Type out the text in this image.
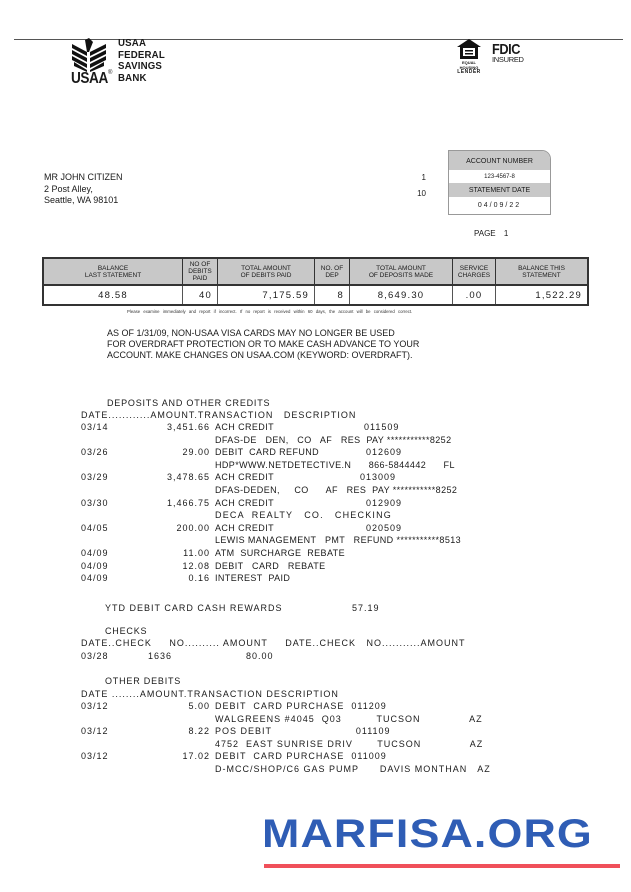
USAA ®
USAA
FEDERAL
SAVINGS
BANK
EQUAL HOUSING
LENDER
FDIC
INSURED
MR JOHN CITIZEN
2 Post Alley,
Seattle, WA 98101
1
10
ACCOUNT NUMBER
123-4567-8
STATEMENT DATE
04/09/22
PAGE 1
BALANCE
LAST STATEMENT

NO OF
DEBITS
PAID

TOTAL AMOUNT
OF DEBITS PAID

NO. OF
DEP

TOTAL AMOUNT
OF DEPOSITS MADE

SERVICE
CHARGES

BALANCE THIS
STATEMENT

48.58	40	7,175.59	8	8,649.30	.00	1,522.29
Please examine immediately and report if incorrect. If no report is received within 60 days, the account will be considered correct.
AS OF 1/31/09, NON-USAA VISA CARDS MAY NO LONGER BE USED
FOR OVERDRAFT PROTECTION OR TO MAKE CASH ADVANCE TO YOUR
ACCOUNT. MAKE CHANGES ON USAA.COM (KEYWORD: OVERDRAFT).
DEPOSITS AND OTHER CREDITS
DATE............AMOUNT.TRANSACTION   DESCRIPTION

03/14	3,451.66 ACH CREDIT	011509

DFAS-DE   DEN,   CO   AF   RES  PAY ***********8252

03/26	29.00 DEBIT  CARD REFUND	012609

HDP*WWW.NETDETECTIVE.N      866-5844442      FL

03/29	3,478.65 ACH CREDIT	013009

DFAS-DEDEN,     CO      AF   RES  PAY ***********8252

03/30	1,466.75 ACH CREDIT	012909

DECA  REALTY   CO.   CHECKING

04/05	200.00 ACH CREDIT	020509

LEWIS MANAGEMENT   PMT   REFUND ***********8513

04/09	11.00 ATM  SURCHARGE  REBATE

04/09	12.08 DEBIT   CARD   REBATE

04/09	0.16 INTEREST  PAID

YTD DEBIT CARD CASH REWARDS	57.19
CHECKS
DATE..CHECK     NO.......... AMOUNT     DATE..CHECK   NO...........AMOUNT
03/28	1636	80.00
OTHER DEBITS
DATE ........AMOUNT.TRANSACTION DESCRIPTION

03/12	5.00 DEBIT  CARD PURCHASE  011209

WALGREENS #4045  Q03          TUCSON              AZ

03/12	8.22 POS DEBIT                        011109

4752  EAST SUNRISE DRIV       TUCSON              AZ

03/12	17.02 DEBIT  CARD PURCHASE  011009

D-MCC/SHOP/C6 GAS PUMP      DAVIS MONTHAN   AZ

MARFISA.ORG
